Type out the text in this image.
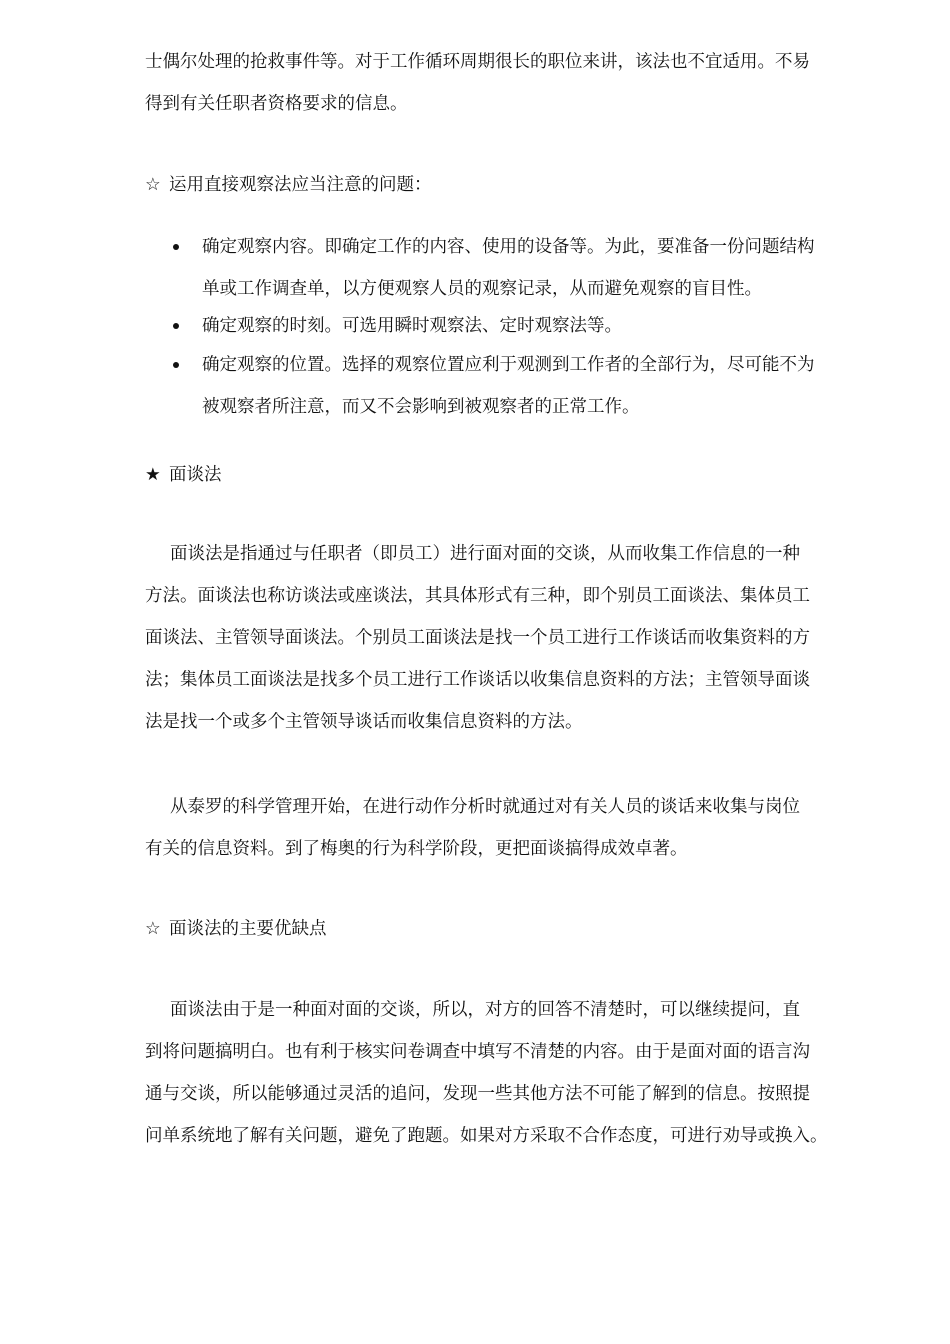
士偶尔处理的抢救事件等。对于工作循环周期很长的职位来讲，该法也不宜适用。不易
得到有关任职者资格要求的信息。
☆ 运用直接观察法应当注意的问题：
确定观察内容。即确定工作的内容、使用的设备等。为此，要准备一份问题结构
单或工作调查单，以方便观察人员的观察记录，从而避免观察的盲目性。
确定观察的时刻。可选用瞬时观察法、定时观察法等。
确定观察的位置。选择的观察位置应利于观测到工作者的全部行为，尽可能不为
被观察者所注意，而又不会影响到被观察者的正常工作。
★ 面谈法
面谈法是指通过与任职者（即员工）进行面对面的交谈，从而收集工作信息的一种
方法。面谈法也称访谈法或座谈法，其具体形式有三种，即个别员工面谈法、集体员工
面谈法、主管领导面谈法。个别员工面谈法是找一个员工进行工作谈话而收集资料的方
法；集体员工面谈法是找多个员工进行工作谈话以收集信息资料的方法；主管领导面谈
法是找一个或多个主管领导谈话而收集信息资料的方法。
从泰罗的科学管理开始，在进行动作分析时就通过对有关人员的谈话来收集与岗位
有关的信息资料。到了梅奥的行为科学阶段，更把面谈搞得成效卓著。
☆ 面谈法的主要优缺点
面谈法由于是一种面对面的交谈，所以，对方的回答不清楚时，可以继续提问，直
到将问题搞明白。也有利于核实问卷调查中填写不清楚的内容。由于是面对面的语言沟
通与交谈，所以能够通过灵活的追问，发现一些其他方法不可能了解到的信息。按照提
问单系统地了解有关问题，避免了跑题。如果对方采取不合作态度，可进行劝导或换入。
